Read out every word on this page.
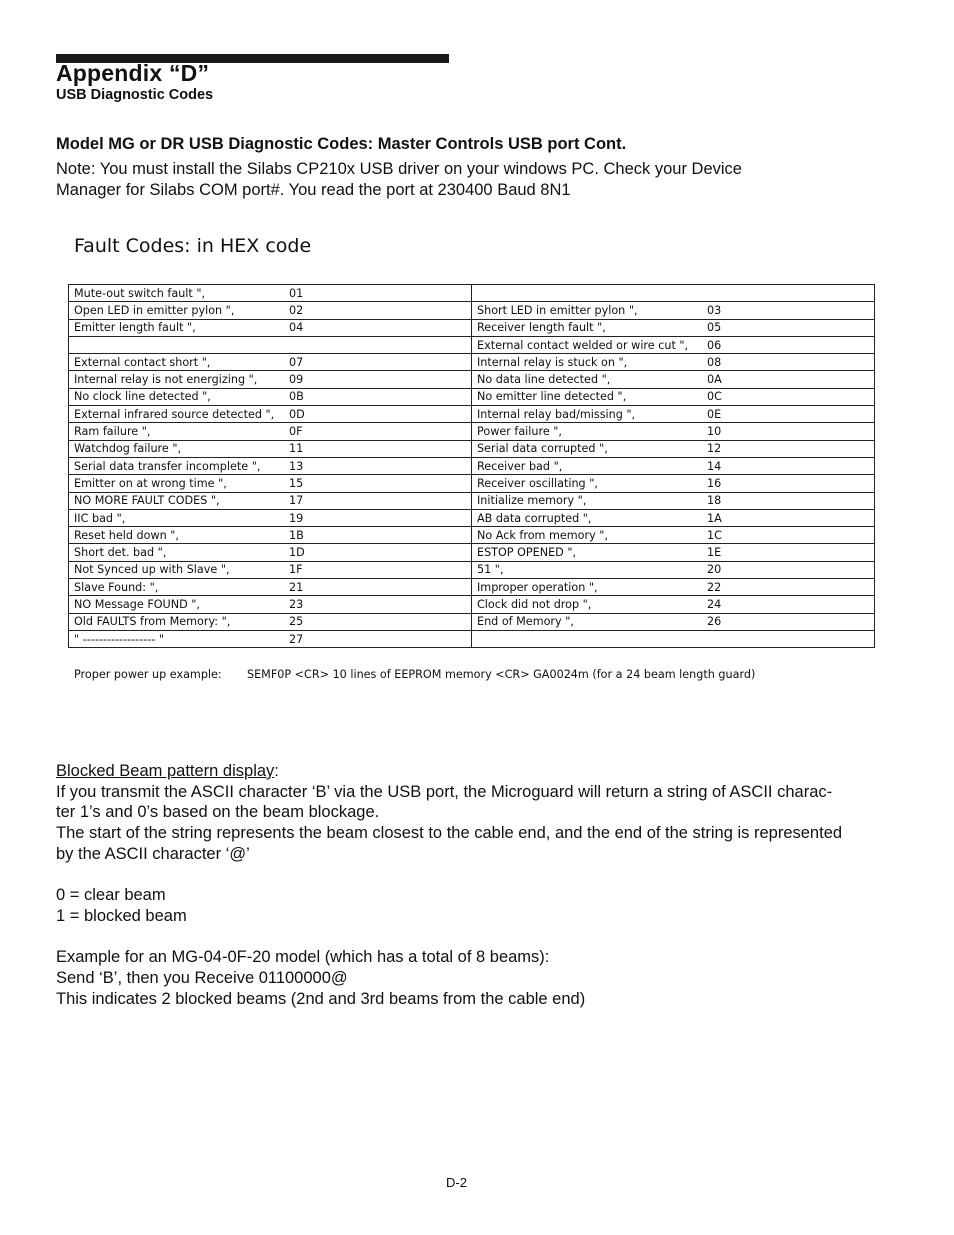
Appendix “D”
USB Diagnostic Codes
Model MG or DR USB Diagnostic Codes: Master Controls USB port Cont.
Note: You must install the Silabs CP210x USB driver on your windows PC. Check your Device
Manager for Silabs COM port#. You read the port at 230400 Baud 8N1
Fault Codes: in HEX code
Mute-out switch fault ", 01	
Open LED in emitter pylon ", 02	Short LED in emitter pylon ", 03
Emitter length fault ", 04	Receiver length fault ", 05
	External contact welded or wire cut ", 06
External contact short ", 07	Internal relay is stuck on ", 08
Internal relay is not energizing ", 09	No data line detected ", 0A
No clock line detected ", 0B	No emitter line detected ", 0C
External infrared source detected ", 0D	Internal relay bad/missing ", 0E
Ram failure ", 0F	Power failure ", 10
Watchdog failure ", 11	Serial data corrupted ", 12
Serial data transfer incomplete ", 13	Receiver bad ", 14
Emitter on at wrong time ", 15	Receiver oscillating ", 16
NO MORE FAULT CODES ", 17	Initialize memory ", 18
IIC bad ", 19	AB data corrupted ", 1A
Reset held down ", 1B	No Ack from memory ", 1C
Short det. bad ", 1D	ESTOP OPENED ", 1E
Not Synced up with Slave ", 1F	51 ", 20
Slave Found: ", 21	Improper operation ", 22
NO Message FOUND ", 23	Clock did not drop ", 24
Old FAULTS from Memory: ", 25	End of Memory ", 26
" ------------------ " 27	
Proper power up example: SEMF0P <CR> 10 lines of EEPROM memory <CR> GA0024m (for a 24 beam length guard)

Blocked Beam pattern display:

If you transmit the ASCII character ‘B’ via the USB port, the Microguard will return a string of ASCII charac-

ter 1’s and 0’s based on the beam blockage.

The start of the string represents the beam closest to the cable end, and the end of the string is represented

by the ASCII character ‘@’

0 = clear beam

1 = blocked beam

Example for an MG-04-0F-20 model (which has a total of 8 beams):

Send ‘B’, then you Receive 01100000@

This indicates 2 blocked beams (2nd and 3rd beams from the cable end)

D-2
